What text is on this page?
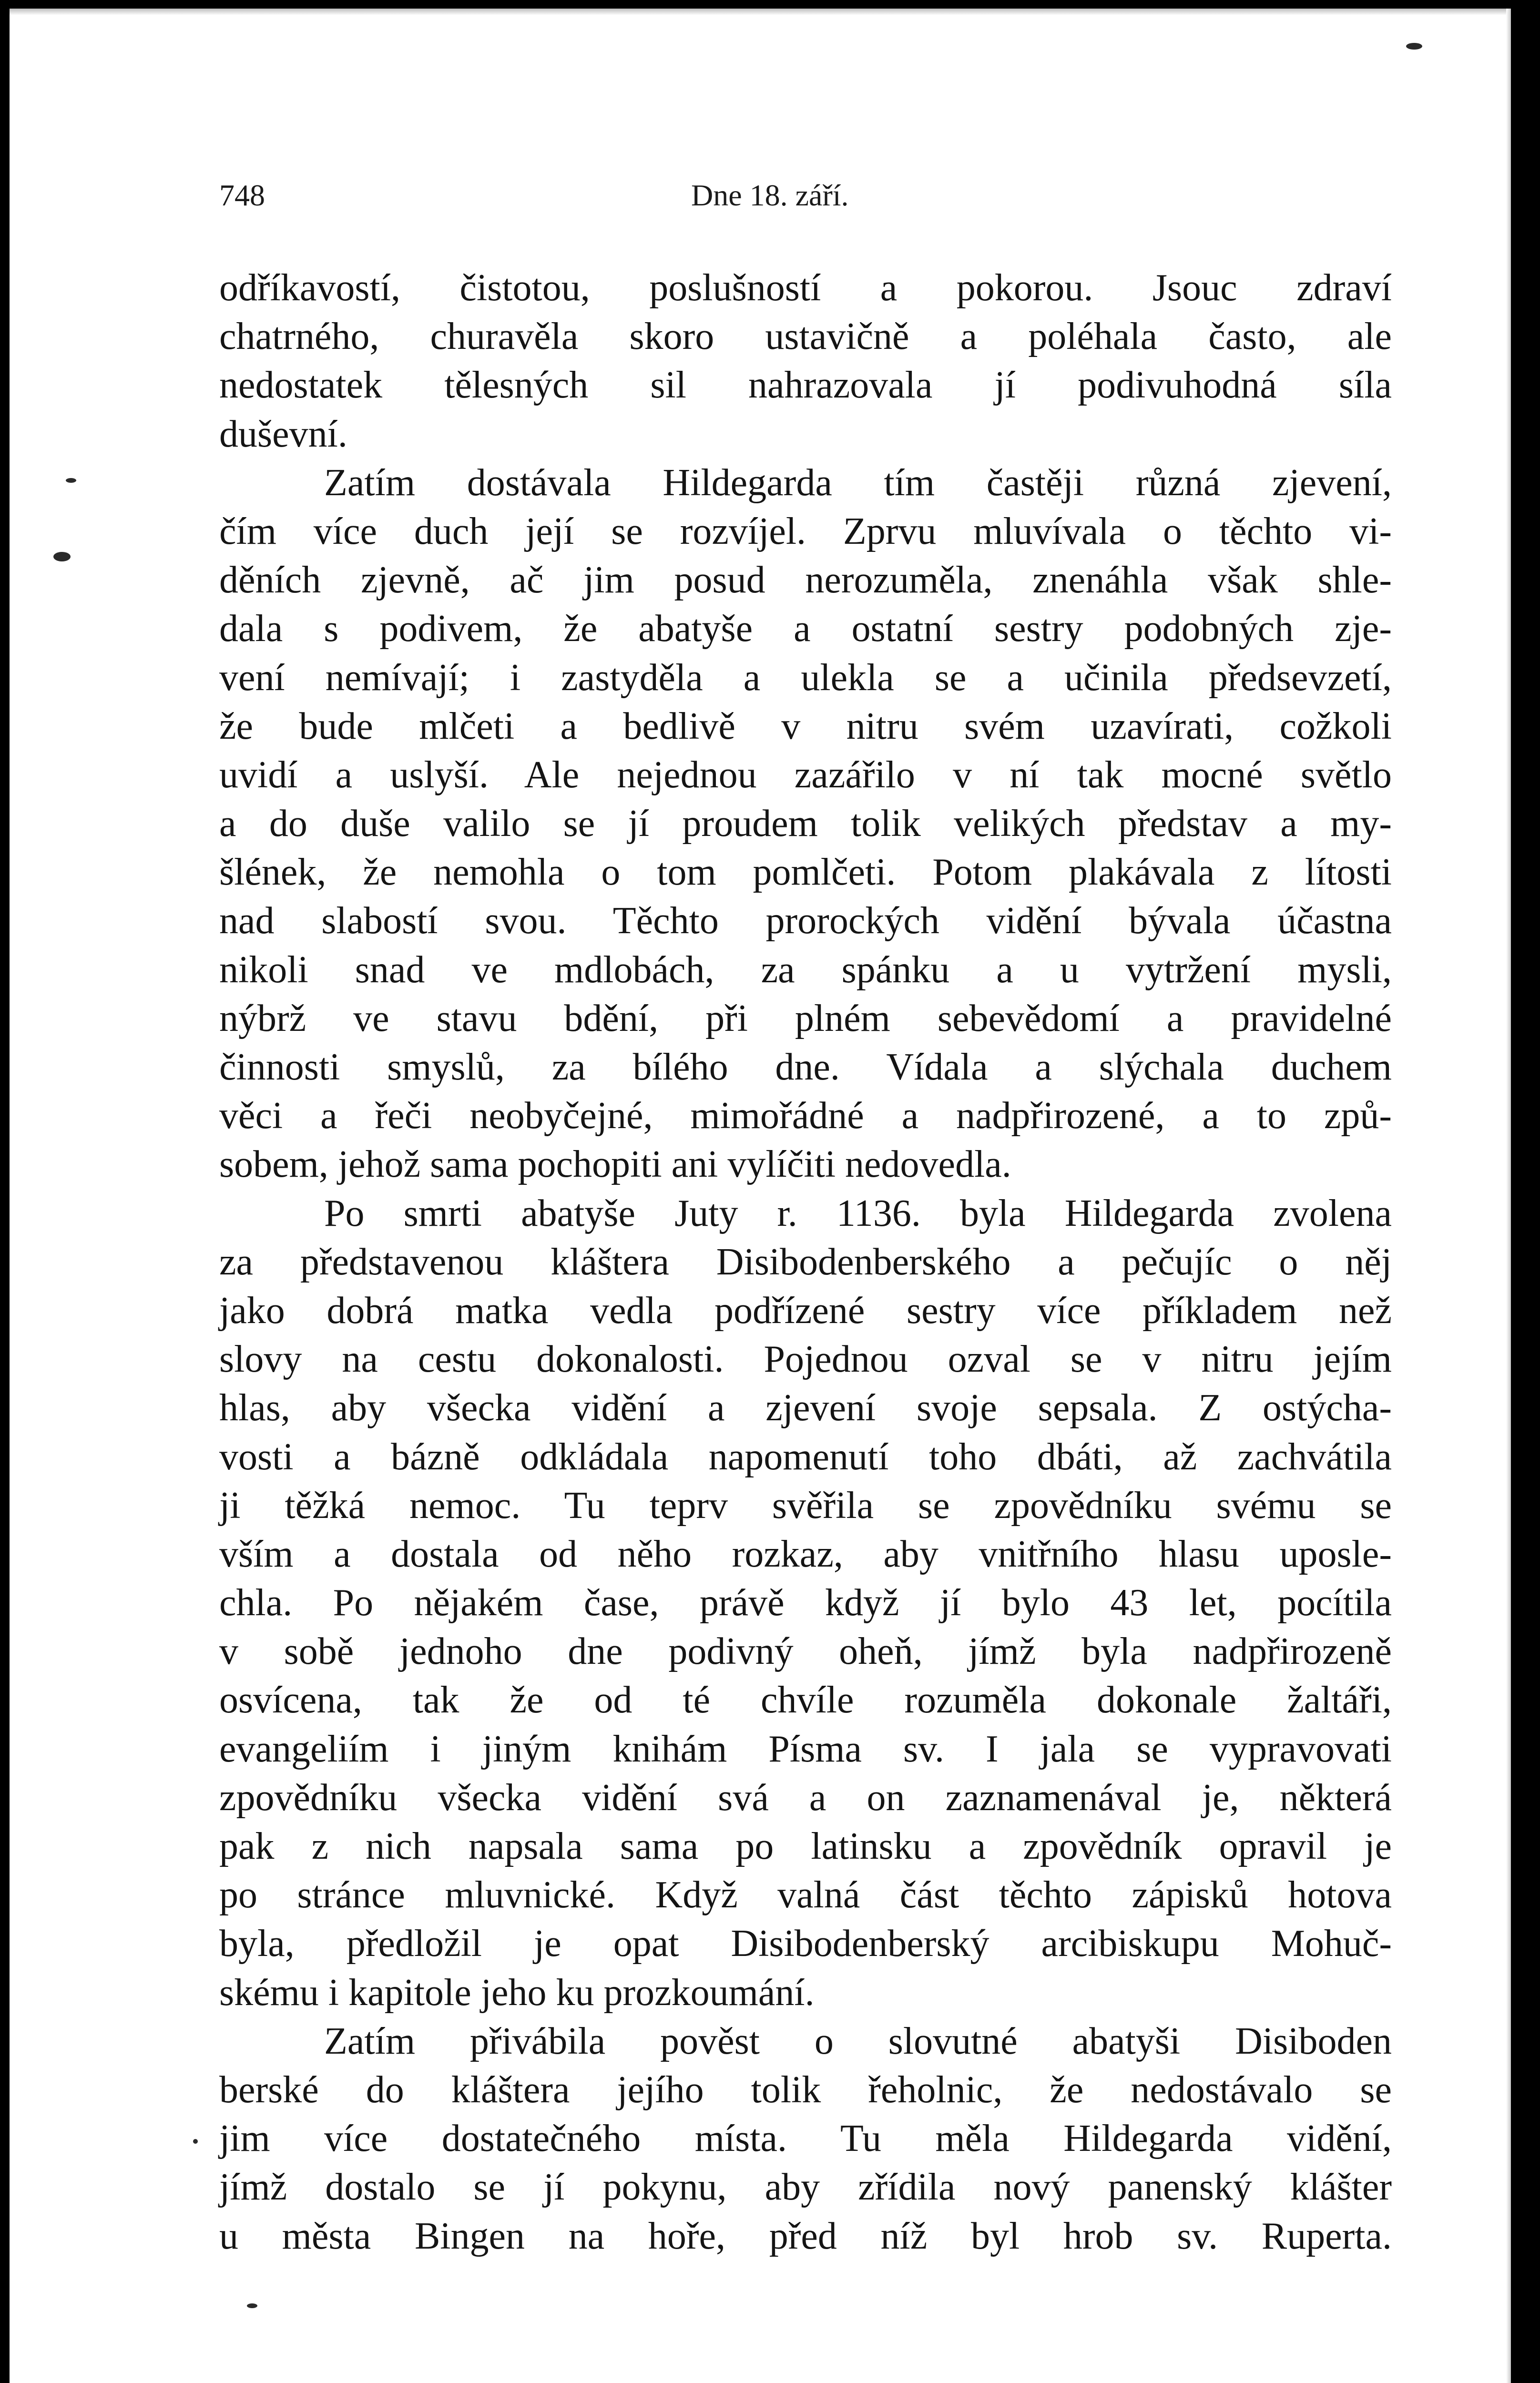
748	Dne 18. září.
odříkavostí, čistotou, poslušností a pokorou. Jsouc zdraví
chatrného, churavěla skoro ustavičně a poléhala často, ale
nedostatek tělesných sil nahrazovala jí podivuhodná síla
duševní.
Zatím dostávala Hildegarda tím častěji různá zjevení,
čím více duch její se rozvíjel. Zprvu mluvívala o těchto vi-
děních zjevně, ač jim posud nerozuměla, znenáhla však shle-
dala s podivem, že abatyše a ostatní sestry podobných zje-
vení nemívají; i zastyděla a ulekla se a učinila předsevzetí,
že bude mlčeti a bedlivě v nitru svém uzavírati, cožkoli
uvidí a uslyší. Ale nejednou zazářilo v ní tak mocné světlo
a do duše valilo se jí proudem tolik velikých představ a my-
šlének, že nemohla o tom pomlčeti. Potom plakávala z lítosti
nad slabostí svou. Těchto prorockých vidění bývala účastna
nikoli snad ve mdlobách, za spánku a u vytržení mysli,
nýbrž ve stavu bdění, při plném sebevědomí a pravidelné
činnosti smyslů, za bílého dne. Vídala a slýchala duchem
věci a řeči neobyčejné, mimořádné a nadpřirozené, a to způ-
sobem, jehož sama pochopiti ani vylíčiti nedovedla.
Po smrti abatyše Juty r. 1136. byla Hildegarda zvolena
za představenou kláštera Disibodenberského a pečujíc o něj
jako dobrá matka vedla podřízené sestry více příkladem než
slovy na cestu dokonalosti. Pojednou ozval se v nitru jejím
hlas, aby všecka vidění a zjevení svoje sepsala. Z ostýcha-
vosti a bázně odkládala napomenutí toho dbáti, až zachvátila
ji těžká nemoc. Tu teprv svěřila se zpovědníku svému se
vším a dostala od něho rozkaz, aby vnitřního hlasu uposle-
chla. Po nějakém čase, právě když jí bylo 43 let, pocítila
v sobě jednoho dne podivný oheň, jímž byla nadpřirozeně
osvícena, tak že od té chvíle rozuměla dokonale žaltáři,
evangeliím i jiným knihám Písma sv. I jala se vypravovati
zpovědníku všecka vidění svá a on zaznamenával je, některá
pak z nich napsala sama po latinsku a zpovědník opravil je
po stránce mluvnické. Když valná část těchto zápisků hotova
byla, předložil je opat Disibodenberský arcibiskupu Mohuč-
skému i kapitole jeho ku prozkoumání.
Zatím přivábila pověst o slovutné abatyši Disiboden
berské do kláštera jejího tolik řeholnic, že nedostávalo se
jim více dostatečného místa. Tu měla Hildegarda vidění,
jímž dostalo se jí pokynu, aby zřídila nový panenský klášter
u města Bingen na hoře, před níž byl hrob sv. Ruperta.
